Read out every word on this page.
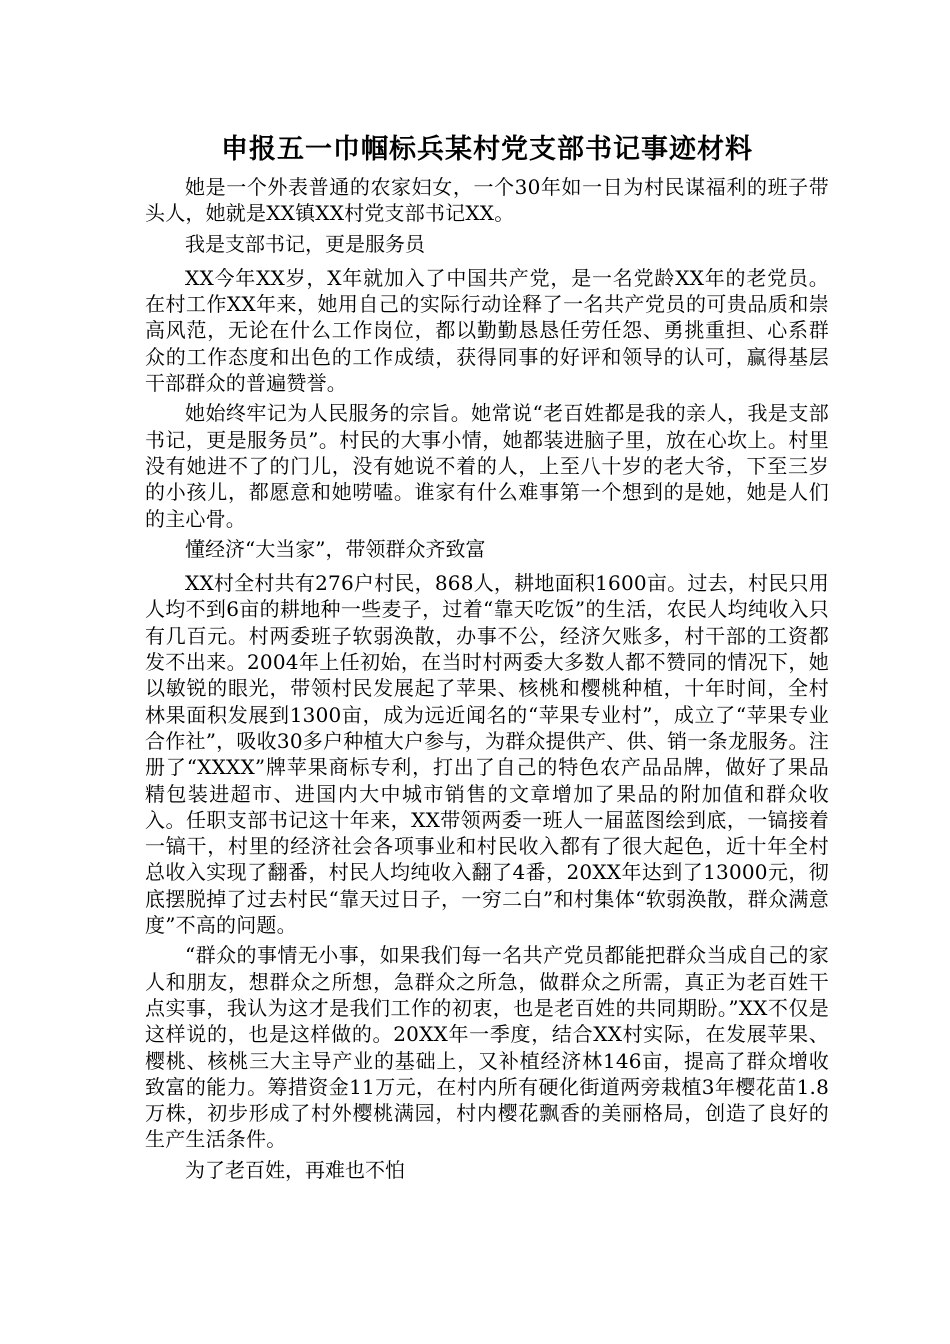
申报五一巾帼标兵某村党支部书记事迹材料

她是一个外表普通的农家妇女，一个30年如一日为村民谋福利的班子带头人，她就是XX镇XX村党支部书记XX。

我是支部书记，更是服务员

XX今年XX岁，X年就加入了中国共产党，是一名党龄XX年的老党员。在村工作XX年来，她用自己的实际行动诠释了一名共产党员的可贵品质和崇高风范，无论在什么工作岗位，都以勤勤恳恳任劳任怨、勇挑重担、心系群众的工作态度和出色的工作成绩，获得同事的好评和领导的认可，赢得基层干部群众的普遍赞誉。

她始终牢记为人民服务的宗旨。她常说“老百姓都是我的亲人，我是支部书记，更是服务员”。村民的大事小情，她都装进脑子里，放在心坎上。村里没有她进不了的门儿，没有她说不着的人，上至八十岁的老大爷，下至三岁的小孩儿，都愿意和她唠嗑。谁家有什么难事第一个想到的是她，她是人们的主心骨。

懂经济“大当家”，带领群众齐致富

XX村全村共有276户村民，868人，耕地面积1600亩。过去，村民只用人均不到6亩的耕地种一些麦子，过着“靠天吃饭”的生活，农民人均纯收入只有几百元。村两委班子软弱涣散，办事不公，经济欠账多，村干部的工资都发不出来。2004年上任初始，在当时村两委大多数人都不赞同的情况下，她以敏锐的眼光，带领村民发展起了苹果、核桃和樱桃种植，十年时间，全村林果面积发展到1300亩，成为远近闻名的“苹果专业村”，成立了“苹果专业合作社”，吸收30多户种植大户参与，为群众提供产、供、销一条龙服务。注册了“XXXX”牌苹果商标专利，打出了自己的特色农产品品牌，做好了果品精包装进超市、进国内大中城市销售的文章增加了果品的附加值和群众收入。任职支部书记这十年来，XX带领两委一班人一届蓝图绘到底，一镐接着一镐干，村里的经济社会各项事业和村民收入都有了很大起色，近十年全村总收入实现了翻番，村民人均纯收入翻了4番，20XX年达到了13000元，彻底摆脱掉了过去村民“靠天过日子，一穷二白”和村集体“软弱涣散，群众满意度”不高的问题。

“群众的事情无小事，如果我们每一名共产党员都能把群众当成自己的家人和朋友，想群众之所想，急群众之所急，做群众之所需，真正为老百姓干点实事，我认为这才是我们工作的初衷，也是老百姓的共同期盼。”XX不仅是这样说的，也是这样做的。20XX年一季度，结合XX村实际，在发展苹果、樱桃、核桃三大主导产业的基础上，又补植经济林146亩，提高了群众增收致富的能力。筹措资金11万元，在村内所有硬化街道两旁栽植3年樱花苗1.8万株，初步形成了村外樱桃满园，村内樱花飘香的美丽格局，创造了良好的生产生活条件。

为了老百姓，再难也不怕
